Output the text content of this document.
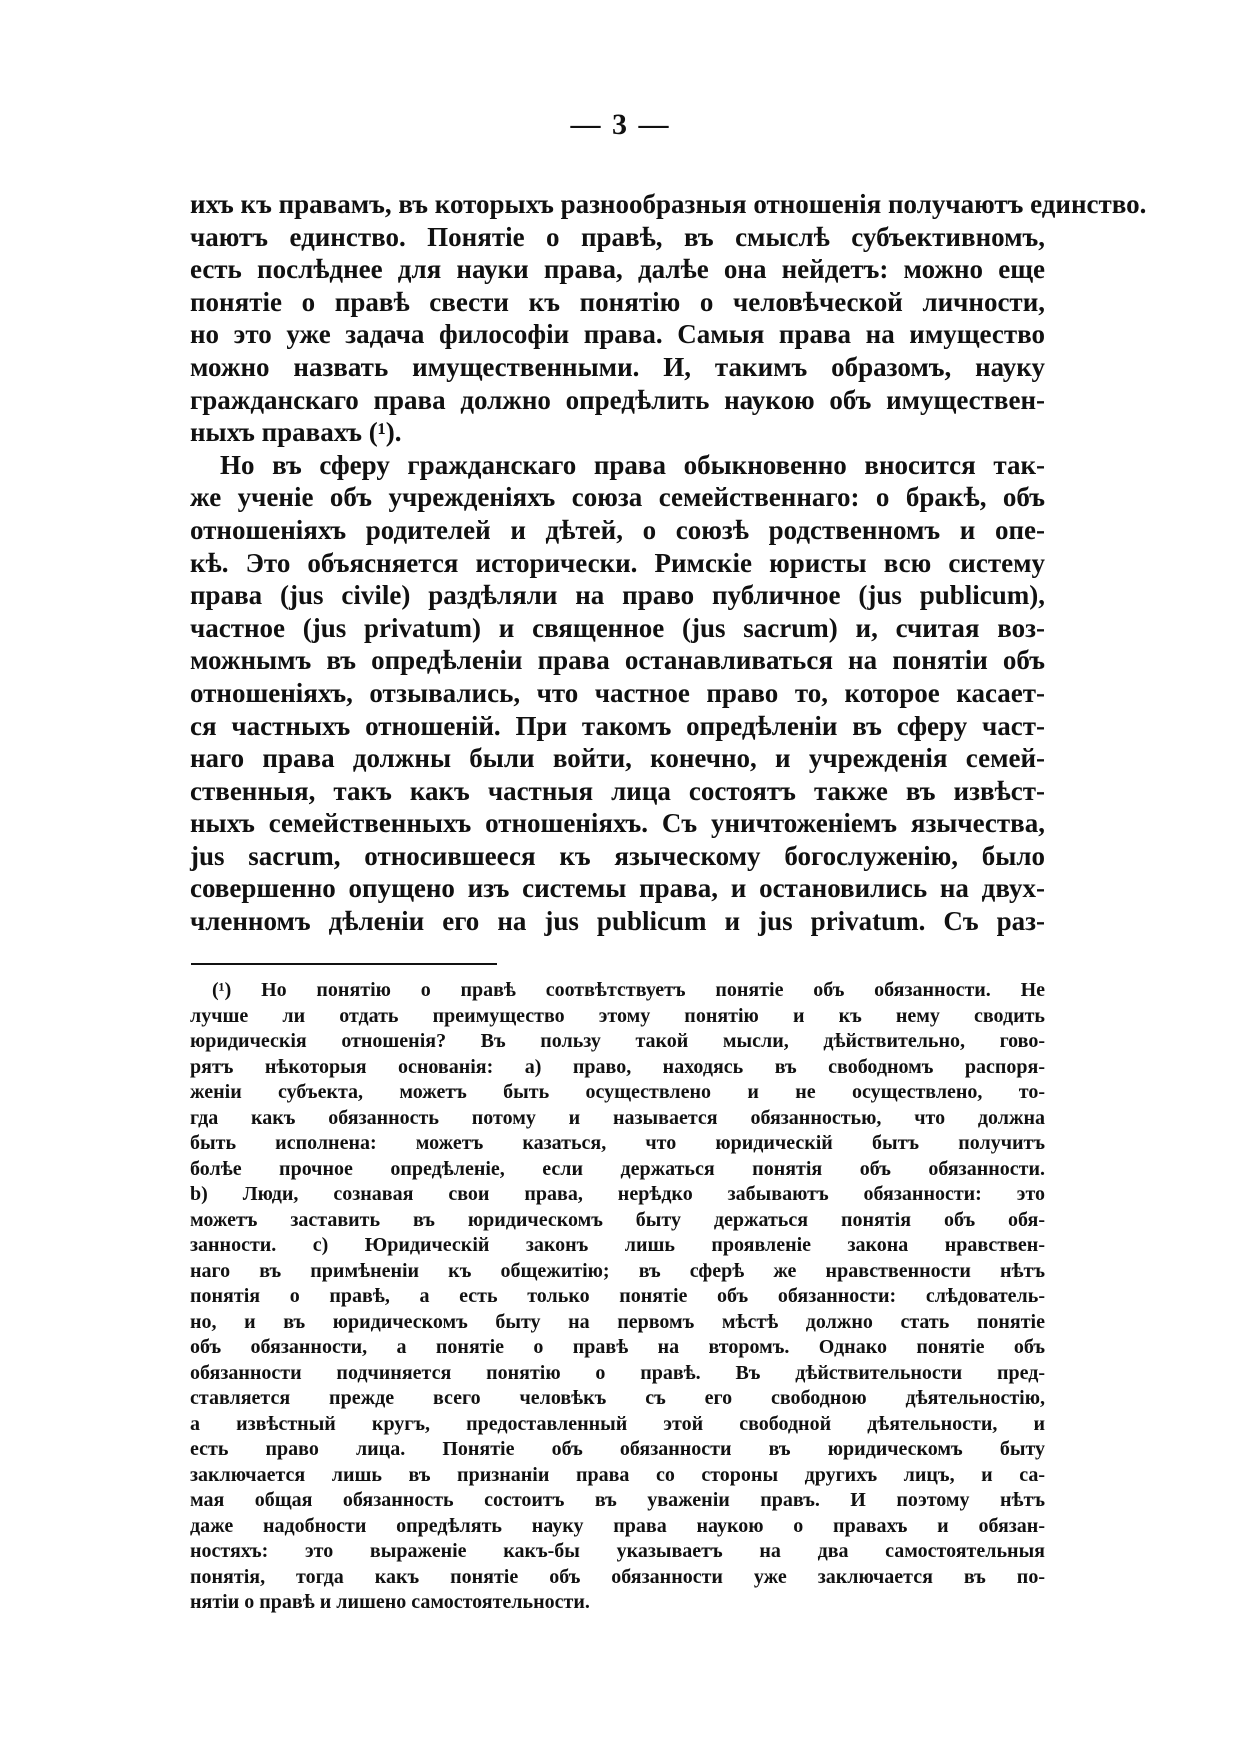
— 3 —
ихъ къ правамъ, въ которыхъ разнообразныя отношенія получаютъ единство.
чаютъ единство. Понятіе о правѣ, въ смыслѣ субъективномъ,
есть послѣднее для науки права, далѣе она нейдетъ: можно еще
понятіе о правѣ свести къ понятію о человѣческой личности,
но это уже задача философіи права. Самыя права на имущество
можно назвать имущественными. И, такимъ образомъ, науку
гражданскаго права должно опредѣлить наукою объ имуществен-
ныхъ правахъ (¹).
Но въ сферу гражданскаго права обыкновенно вносится так-
же ученіе объ учрежденіяхъ союза семейственнаго: о бракѣ, объ
отношеніяхъ родителей и дѣтей, о союзѣ родственномъ и опе-
кѣ. Это объясняется исторически. Римскіе юристы всю систему
права (jus civile) раздѣляли на право публичное (jus publicum),
частное (jus privatum) и священное (jus sacrum) и, считая воз-
можнымъ въ опредѣленіи права останавливаться на понятіи объ
отношеніяхъ, отзывались, что частное право то, которое касает-
ся частныхъ отношеній. При такомъ опредѣленіи въ сферу част-
наго права должны были войти, конечно, и учрежденія семей-
ственныя, такъ какъ частныя лица состоятъ также въ извѣст-
ныхъ семейственныхъ отношеніяхъ. Съ уничтоженіемъ язычества,
jus sacrum, относившееся къ языческому богослуженію, было
совершенно опущено изъ системы права, и остановились на двух-
членномъ дѣленіи его на jus publicum и jus privatum. Съ раз-
(¹) Но понятію о правѣ соотвѣтствуетъ понятіе объ обязанности. Не
лучше ли отдать преимущество этому понятію и къ нему сводить
юридическія отношенія? Въ пользу такой мысли, дѣйствительно, гово-
рятъ нѣкоторыя основанія: a) право, находясь въ свободномъ распоря-
женіи субъекта, можетъ быть осуществлено и не осуществлено, то-
гда какъ обязанность потому и называется обязанностью, что должна
быть исполнена: можетъ казаться, что юридическій бытъ получитъ
болѣе прочное опредѣленіе, если держаться понятія объ обязанности.
b) Люди, сознавая свои права, нерѣдко забываютъ обязанности: это
можетъ заставить въ юридическомъ быту держаться понятія объ обя-
занности. c) Юридическій законъ лишь проявленіе закона нравствен-
наго въ примѣненіи къ общежитію; въ сферѣ же нравственности нѣтъ
понятія о правѣ, а есть только понятіе объ обязанности: слѣдователь-
но, и въ юридическомъ быту на первомъ мѣстѣ должно стать понятіе
объ обязанности, а понятіе о правѣ на второмъ. Однако понятіе объ
обязанности подчиняется понятію о правѣ. Въ дѣйствительности пред-
ставляется прежде всего человѣкъ съ его свободною дѣятельностію,
а извѣстный кругъ, предоставленный этой свободной дѣятельности, и
есть право лица. Понятіе объ обязанности въ юридическомъ быту
заключается лишь въ признаніи права со стороны другихъ лицъ, и са-
мая общая обязанность состоитъ въ уваженіи правъ. И поэтому нѣтъ
даже надобности опредѣлять науку права наукою о правахъ и обязан-
ностяхъ: это выраженіе какъ-бы указываетъ на два самостоятельныя
понятія, тогда какъ понятіе объ обязанности уже заключается въ по-
нятіи о правѣ и лишено самостоятельности.
